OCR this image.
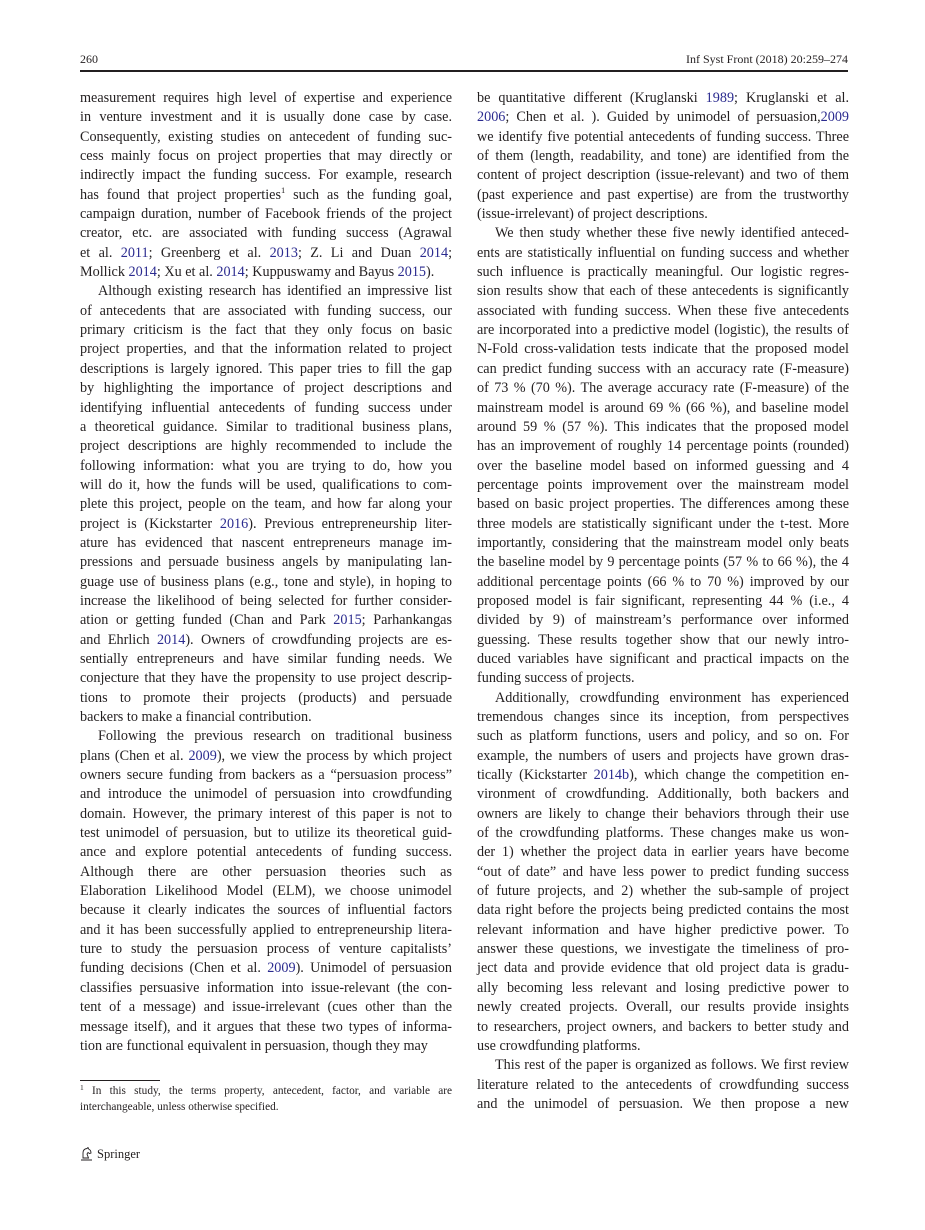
260	Inf Syst Front (2018) 20:259–274
measurement requires high level of expertise and experience
in venture investment and it is usually done case by case.
Consequently, existing studies on antecedent of funding suc-
cess mainly focus on project properties that may directly or
indirectly impact the funding success. For example, research
has found that project properties$^1$ such as the funding goal,
campaign duration, number of Facebook friends of the project
creator, etc. are associated with funding success (Agrawal
et al. 2011; Greenberg et al. 2013; Z. Li and Duan 2014;
Mollick 2014; Xu et al. 2014; Kuppuswamy and Bayus 2015).
Although existing research has identified an impressive list
of antecedents that are associated with funding success, our
primary criticism is the fact that they only focus on basic
project properties, and that the information related to project
descriptions is largely ignored. This paper tries to fill the gap
by highlighting the importance of project descriptions and
identifying influential antecedents of funding success under
a theoretical guidance. Similar to traditional business plans,
project descriptions are highly recommended to include the
following information: what you are trying to do, how you
will do it, how the funds will be used, qualifications to com-
plete this project, people on the team, and how far along your
project is (Kickstarter 2016). Previous entrepreneurship liter-
ature has evidenced that nascent entrepreneurs manage im-
pressions and persuade business angels by manipulating lan-
guage use of business plans (e.g., tone and style), in hoping to
increase the likelihood of being selected for further consider-
ation or getting funded (Chan and Park 2015; Parhankangas
and Ehrlich 2014). Owners of crowdfunding projects are es-
sentially entrepreneurs and have similar funding needs. We
conjecture that they have the propensity to use project descrip-
tions to promote their projects (products) and persuade
backers to make a financial contribution.
Following the previous research on traditional business
plans (Chen et al. 2009), we view the process by which project
owners secure funding from backers as a “persuasion process”
and introduce the unimodel of persuasion into crowdfunding
domain. However, the primary interest of this paper is not to
test unimodel of persuasion, but to utilize its theoretical guid-
ance and explore potential antecedents of funding success.
Although there are other persuasion theories such as
Elaboration Likelihood Model (ELM), we choose unimodel
because it clearly indicates the sources of influential factors
and it has been successfully applied to entrepreneurship litera-
ture to study the persuasion process of venture capitalists’
funding decisions (Chen et al. 2009). Unimodel of persuasion
classifies persuasive information into issue-relevant (the con-
tent of a message) and issue-irrelevant (cues other than the
message itself), and it argues that these two types of informa-
tion are functional equivalent in persuasion, though they may
be quantitative different (Kruglanski 1989; Kruglanski et al.
2006; Chen et al. ). Guided by unimodel of persuasion,2009
we identify five potential antecedents of funding success. Three
of them (length, readability, and tone) are identified from the
content of project description (issue-relevant) and two of them
(past experience and past expertise) are from the trustworthy
(issue-irrelevant) of project descriptions.
We then study whether these five newly identified anteced-
ents are statistically influential on funding success and whether
such influence is practically meaningful. Our logistic regres-
sion results show that each of these antecedents is significantly
associated with funding success. When these five antecedents
are incorporated into a predictive model (logistic), the results of
N-Fold cross-validation tests indicate that the proposed model
can predict funding success with an accuracy rate (F-measure)
of 73 % (70 %). The average accuracy rate (F-measure) of the
mainstream model is around 69 % (66 %), and baseline model
around 59 % (57 %). This indicates that the proposed model
has an improvement of roughly 14 percentage points (rounded)
over the baseline model based on informed guessing and 4
percentage points improvement over the mainstream model
based on basic project properties. The differences among these
three models are statistically significant under the t-test. More
importantly, considering that the mainstream model only beats
the baseline model by 9 percentage points (57 % to 66 %), the 4
additional percentage points (66 % to 70 %) improved by our
proposed model is fair significant, representing 44 % (i.e., 4
divided by 9) of mainstream’s performance over informed
guessing. These results together show that our newly intro-
duced variables have significant and practical impacts on the
funding success of projects.
Additionally, crowdfunding environment has experienced
tremendous changes since its inception, from perspectives
such as platform functions, users and policy, and so on. For
example, the numbers of users and projects have grown dras-
tically (Kickstarter 2014b), which change the competition en-
vironment of crowdfunding. Additionally, both backers and
owners are likely to change their behaviors through their use
of the crowdfunding platforms. These changes make us won-
der 1) whether the project data in earlier years have become
“out of date” and have less power to predict funding success
of future projects, and 2) whether the sub-sample of project
data right before the projects being predicted contains the most
relevant information and have higher predictive power. To
answer these questions, we investigate the timeliness of pro-
ject data and provide evidence that old project data is gradu-
ally becoming less relevant and losing predictive power to
newly created projects. Overall, our results provide insights
to researchers, project owners, and backers to better study and
use crowdfunding platforms.
This rest of the paper is organized as follows. We first review
literature related to the antecedents of crowdfunding success
and the unimodel of persuasion. We then propose a new
$^1$ In this study, the terms property, antecedent, factor, and variable are
interchangeable, unless otherwise specified.
Springer
